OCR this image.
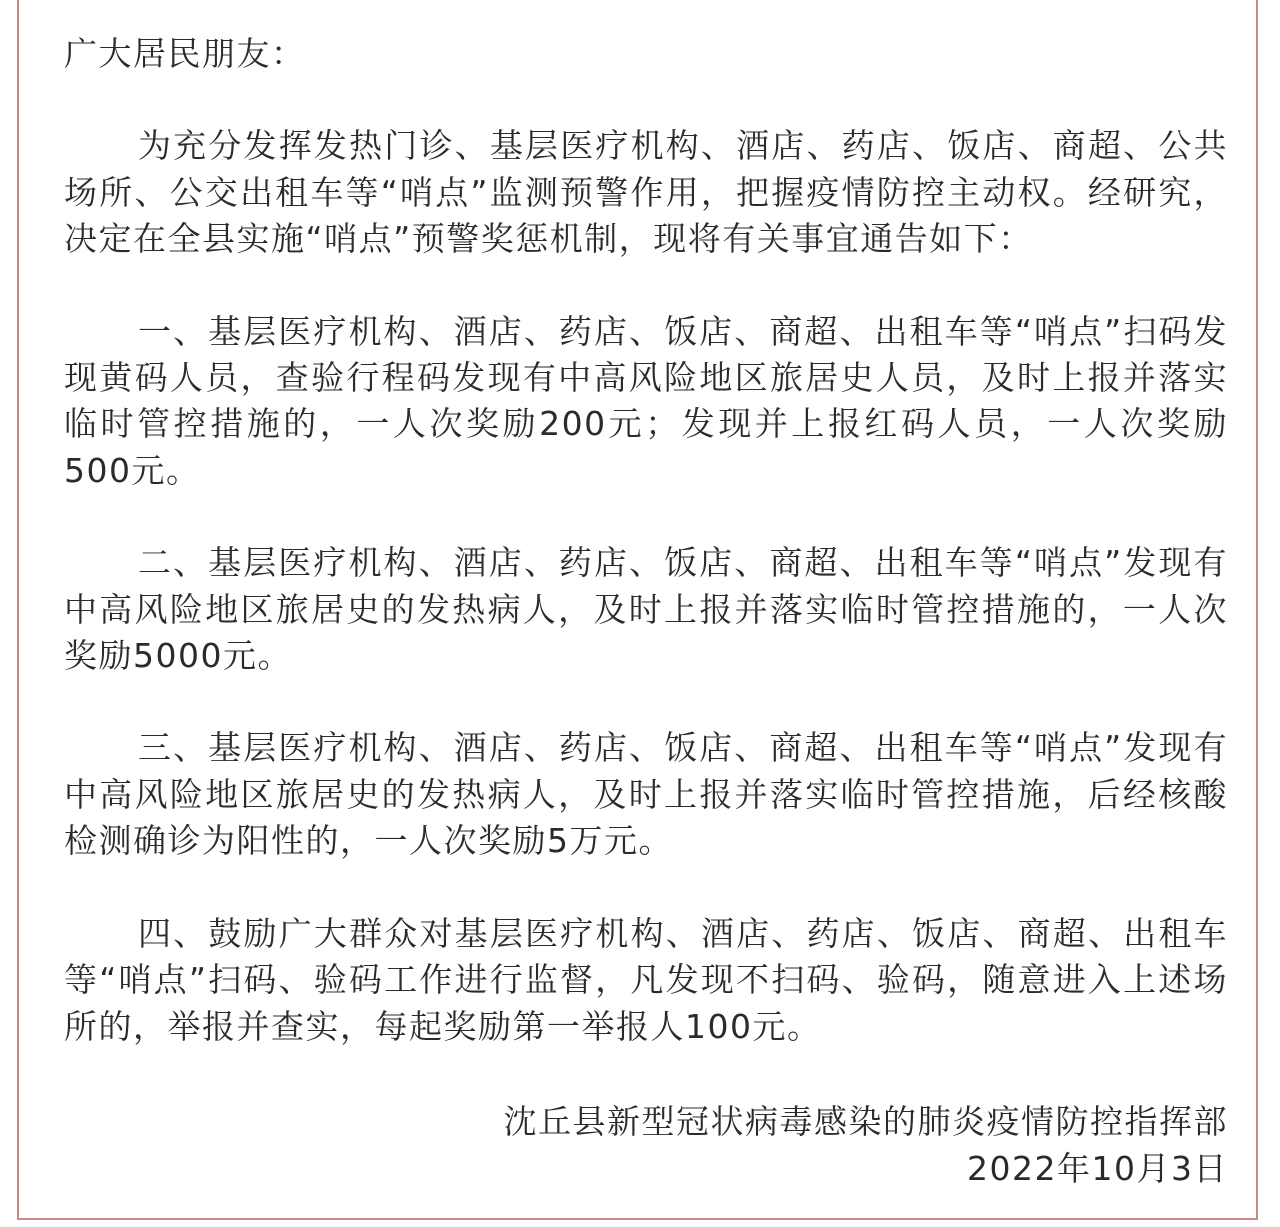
广大居民朋友：

为充分发挥发热门诊、基层医疗机构、酒店、药店、饭店、商超、公共场所、公交出租车等“哨点”监测预警作用，把握疫情防控主动权。经研究，决定在全县实施“哨点”预警奖惩机制，现将有关事宜通告如下：

一、基层医疗机构、酒店、药店、饭店、商超、出租车等“哨点”扫码发现黄码人员，查验行程码发现有中高风险地区旅居史人员，及时上报并落实临时管控措施的，一人次奖励200元；发现并上报红码人员，一人次奖励500元。

二、基层医疗机构、酒店、药店、饭店、商超、出租车等“哨点”发现有中高风险地区旅居史的发热病人，及时上报并落实临时管控措施的，一人次奖励5000元。

三、基层医疗机构、酒店、药店、饭店、商超、出租车等“哨点”发现有中高风险地区旅居史的发热病人，及时上报并落实临时管控措施，后经核酸检测确诊为阳性的，一人次奖励5万元。

四、鼓励广大群众对基层医疗机构、酒店、药店、饭店、商超、出租车等“哨点”扫码、验码工作进行监督，凡发现不扫码、验码，随意进入上述场所的，举报并查实，每起奖励第一举报人100元。

沈丘县新型冠状病毒感染的肺炎疫情防控指挥部

2022年10月3日
